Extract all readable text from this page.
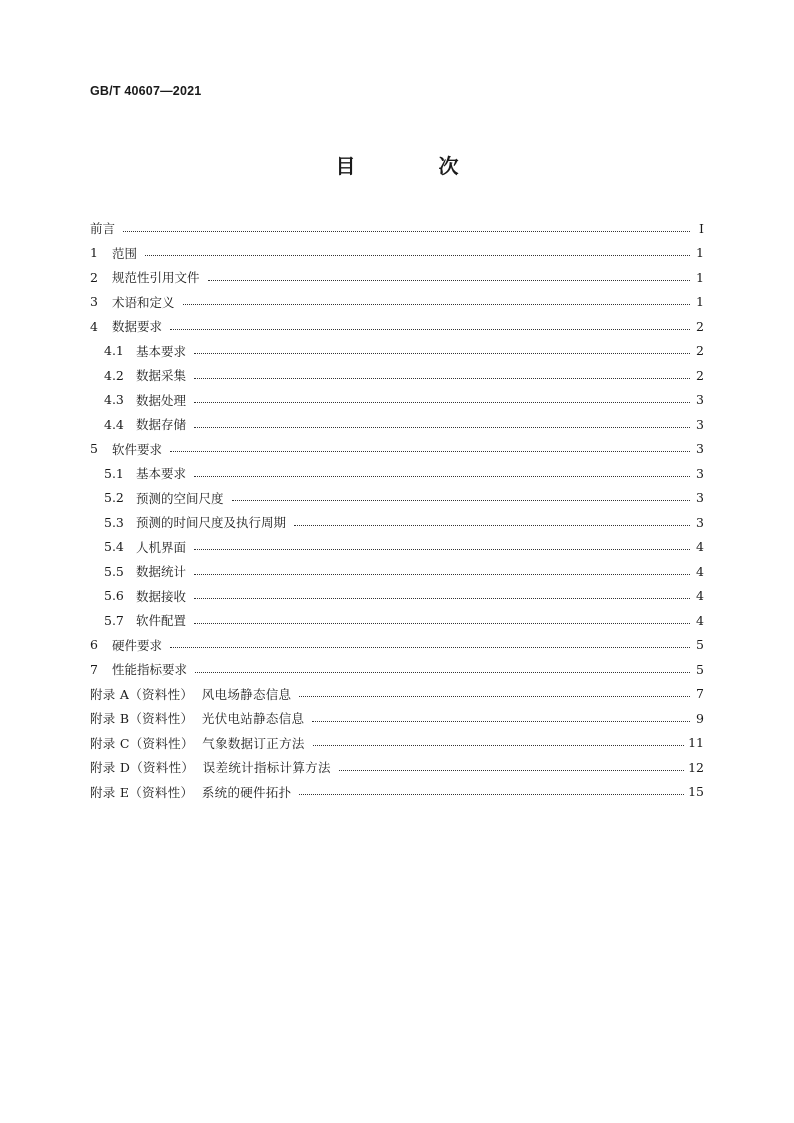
GB/T 40607—2021
目 次
前言	Ⅰ
1	范围	1
2	规范性引用文件	1
3	术语和定义	1
4	数据要求	2
4.1 基本要求	2
4.2 数据采集	2
4.3 数据处理	3
4.4 数据存储	3
5	软件要求	3
5.1 基本要求	3
5.2 预测的空间尺度	3
5.3 预测的时间尺度及执行周期	3
5.4 人机界面	4
5.5 数据统计	4
5.6 数据接收	4
5.7 软件配置	4
6	硬件要求	5
7	性能指标要求	5
附录 A（资料性）  风电场静态信息	7
附录 B（资料性）  光伏电站静态信息	9
附录 C（资料性）  气象数据订正方法	11
附录 D（资料性）  误差统计指标计算方法	12
附录 E（资料性）  系统的硬件拓扑	15
